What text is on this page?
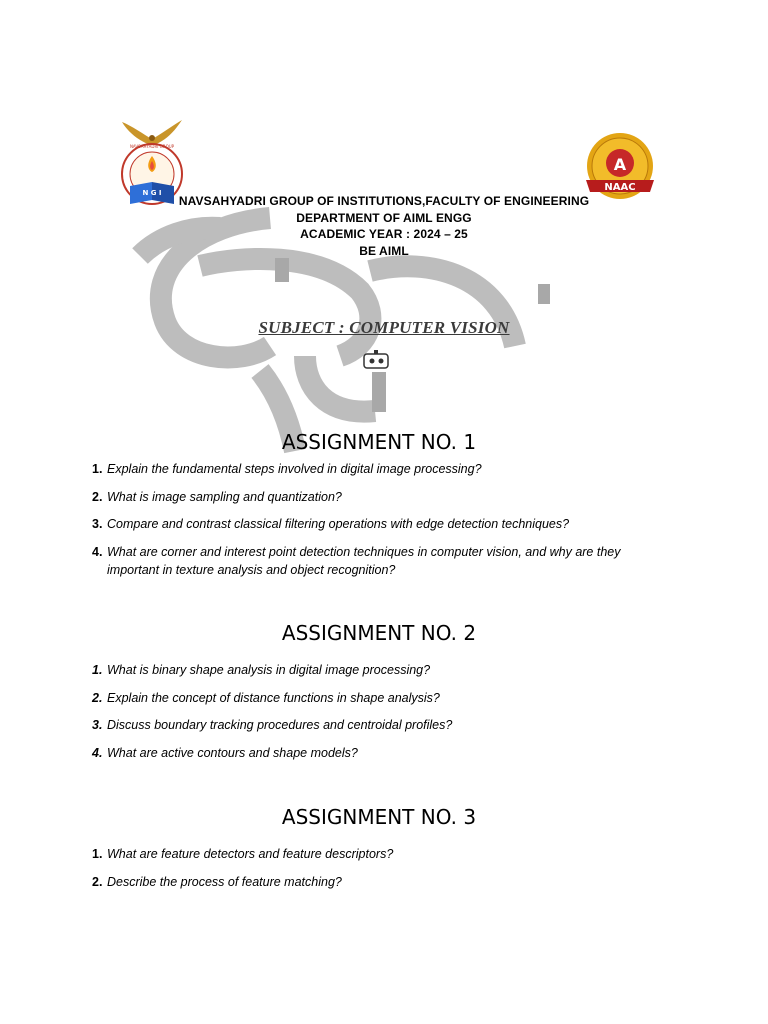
NAVSAHYADRI GROUP
N G I
A
NAAC
NAVSAHYADRI GROUP OF INSTITUTIONS,FACULTY OF ENGINEERING
DEPARTMENT OF AIML ENGG
ACADEMIC YEAR : 2024 – 25
BE AIML
SUBJECT : COMPUTER VISION
ASSIGNMENT NO. 1
1. Explain the fundamental steps involved in digital image processing?
2. What is image sampling and quantization?
3. Compare and contrast classical filtering operations with edge detection techniques?
4. What are corner and interest point detection techniques in computer vision, and why are they important in texture analysis and object recognition?
ASSIGNMENT NO. 2
1. What is binary shape analysis in digital image processing?
2. Explain the concept of distance functions in shape analysis?
3. Discuss boundary tracking procedures and centroidal profiles?
4. What are active contours and shape models?
ASSIGNMENT NO. 3
1. What are feature detectors and feature descriptors?
2. Describe the process of feature matching?
